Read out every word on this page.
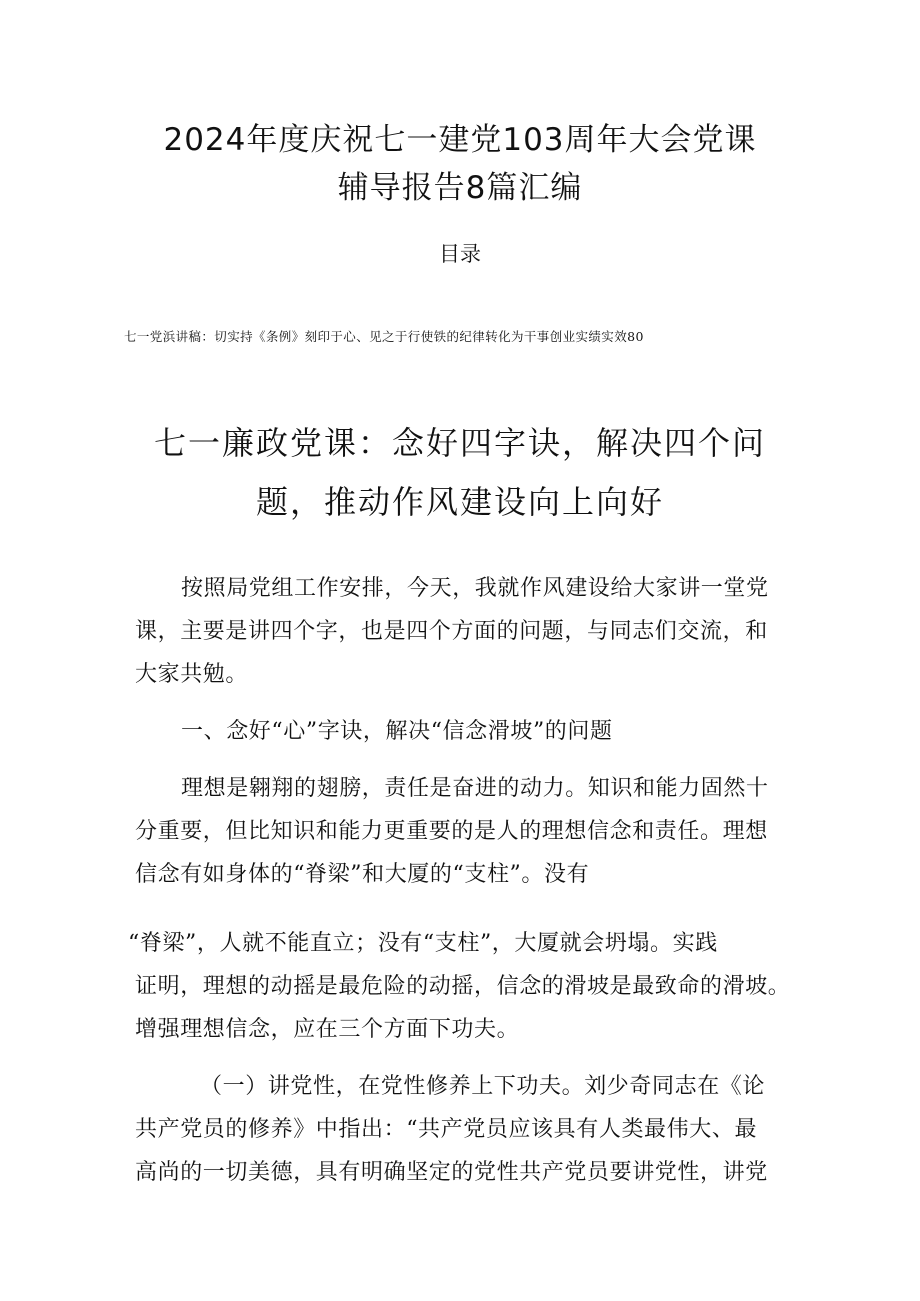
2024年度庆祝七一建党103周年大会党课
辅导报告8篇汇编
目录
七一党浜讲稿：切实持《条例》刻印于心、见之于行使铁的纪律转化为干事创业实绩实效80
七一廉政党课：念好四字诀，解决四个问
题，推动作风建设向上向好
按照局党组工作安排，今天，我就作风建设给大家讲一堂党
课，主要是讲四个字，也是四个方面的问题，与同志们交流，和
大家共勉。
一、念好“心”字诀，解决“信念滑坡”的问题
理想是翱翔的翅膀，责任是奋进的动力。知识和能力固然十
分重要，但比知识和能力更重要的是人的理想信念和责任。理想
信念有如身体的“脊梁”和大厦的“支柱”。没有
“脊梁”，人就不能直立；没有“支柱”，大厦就会坍塌。实践
证明，理想的动摇是最危险的动摇，信念的滑坡是最致命的滑坡。
增强理想信念，应在三个方面下功夫。
（一）讲党性，在党性修养上下功夫。刘少奇同志在《论
共产党员的修养》中指出：“共产党员应该具有人类最伟大、最
高尚的一切美德，具有明确坚定的党性共产党员要讲党性，讲党
